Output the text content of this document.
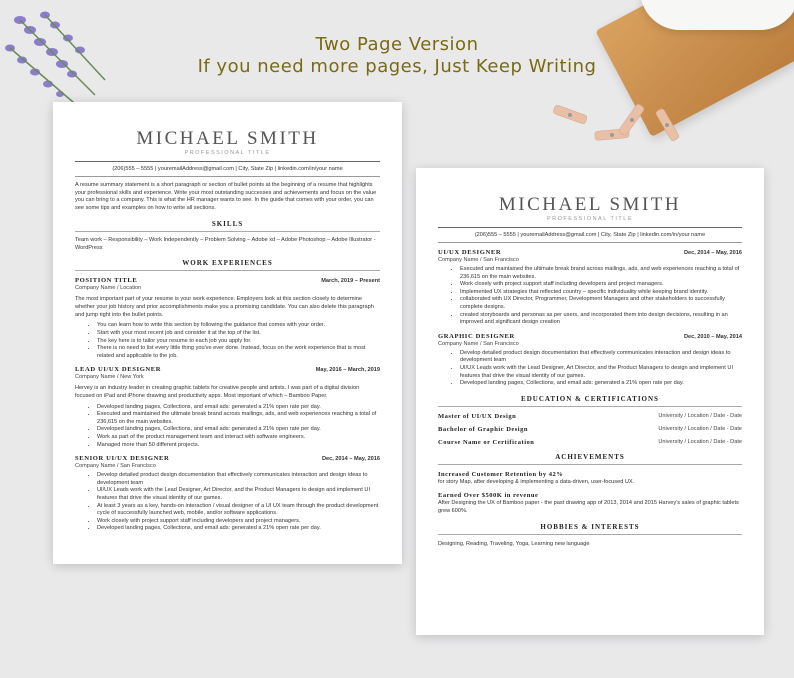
Two Page Version
If you need more pages, Just Keep Writing
MICHAEL SMITH
PROFESSIONAL TITLE
(206)555 – 5555 | youremailAddress@gmail.com | City, State Zip | linkedin.com/in/your name
A resume summary statement is a short paragraph or section of bullet points at the beginning of a resume that highlights your professional skills and experience. Write your most outstanding successes and achievements and focus on the value you can bring to a company. This is what the HR manager wants to see. In the guide that comes with your order, you can see some tips and examples on how to write all sections.
SKILLS
Team work – Responsibility – Work Independently – Problem Solving – Adobe xd – Adobe Photoshop – Adobe Illustrator - WordPress
WORK EXPERIENCES
POSITION TITLE	March, 2019 – Present
Company Name / Location
The most important part of your resume is your work experience. Employers look at this section closely to determine whether your job history and prior accomplishments make you a promising candidate. You can also delete this paragraph and jump right into the bullet points.
• You can learn how to write this section by following the guidance that comes with your order.
• Start with your most recent job and consider it at the top of the list.
• The key here is to tailor your resume to each job you apply for.
• There is no need to list every little thing you've ever done. Instead, focus on the work experience that is most related and applicable to the job.
LEAD UI/UX DESIGNER	May, 2016 – March, 2019
Company Name / New York
Hervey is an industry leader in creating graphic tablets for creative people and artists. I was part of a digital division focused on iPad and iPhone drawing and productivity apps. Most important of which – Bamboo Paper.
• Developed landing pages, Collections, and email ads: generated a 21% open rate per day.
• Executed and maintained the ultimate break brand across mailings, ads, and web experiences reaching a total of 236,615 on the main websites.
• Developed landing pages, Collections, and email ads: generated a 21% open rate per day.
• Work as part of the product management team and interact with software engineers.
• Managed more than 50 different projects.
SENIOR UI/UX DESIGNER	Dec, 2014 – May, 2016
Company Name / San Francisco
• Develop detailed product design documentation that effectively communicates interaction and design ideas to development team
• UI/UX Leads work with the Lead Designer, Art Director, and the Product Managers to design and implement UI features that drive the visual identity of our games.
• At least 3 years as a key, hands-on interaction / visual designer of a UI UX team through the product development cycle of successfully launched web, mobile, and/or software applications.
• Work closely with project support staff including developers and project managers.
• Developed landing pages, Collections, and email ads: generated a 21% open rate per day.
MICHAEL SMITH
PROFESSIONAL TITLE
(206)555 – 5555 | youremailAddress@gmail.com | City, State Zip | linkedin.com/in/your name
UI/UX DESIGNER	Dec, 2014 – May, 2016
Company Name / San Francisco
• Executed and maintained the ultimate break brand across mailings, ads, and web experiences reaching a total of 236,615 on the main websites.
• Work closely with project support staff including developers and project managers.
• Implemented UX strategies that reflected country – specific individuality while keeping brand identity.
• collaborated with UX Director, Programmer, Development Managers and other stakeholders to successfully complete designs.
• created storyboards and personas as per users, and incorporated them into design decisions, resulting in an improved and significant design creation
GRAPHIC DESIGNER	Dec, 2010 – May, 2014
Company Name / San Francisco
• Develop detailed product design documentation that effectively communicates interaction and design ideas to development team
• UI/UX Leads work with the Lead Designer, Art Director, and the Product Managers to design and implement UI features that drive the visual identity of our games.
• Developed landing pages, Collections, and email ads: generated a 21% open rate per day.
EDUCATION & CERTIFICATIONS
Master of UI/UX Design	University / Location / Date - Date
Bachelor of Graphic Design	University / Location / Date - Date
Course Name or Certification	University / Location / Date - Date
ACHIEVEMENTS
Increased Customer Retention by 42%
for story Map, after developing & implementing a data-driven, user-focused UX.
Earned Over $500K in revenue
After Designing the UX of Bamboo paper - the past drawing app of 2013, 2014 and 2015 Harvey's sales of graphic tablets grew 600%.
HOBBIES & INTERESTS
Designing, Reading, Traveling, Yoga, Learning new language
